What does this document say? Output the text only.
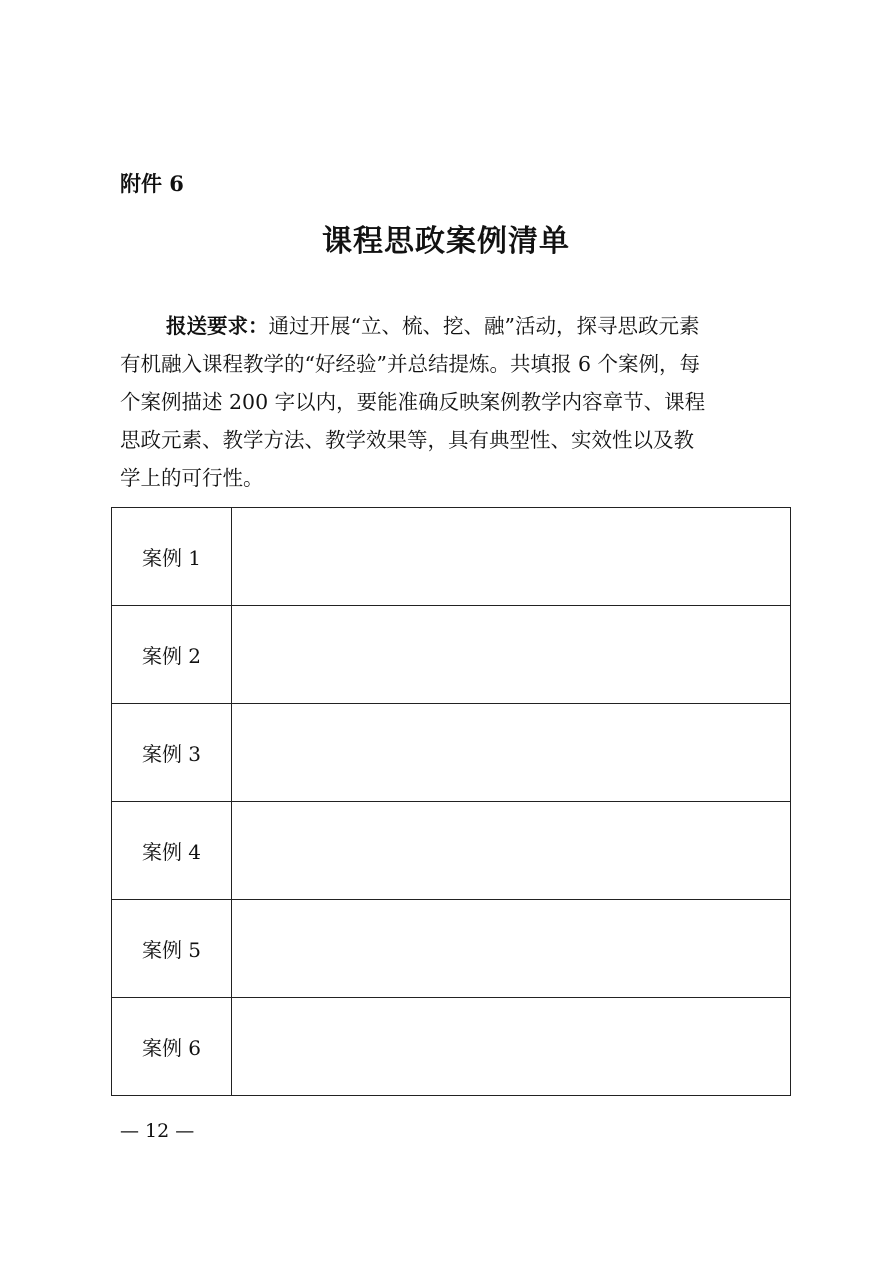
附件 6
课程思政案例清单
报送要求：通过开展“立、梳、挖、融”活动，探寻思政元素
有机融入课程教学的“好经验”并总结提炼。共填报 6 个案例，每
个案例描述 200 字以内，要能准确反映案例教学内容章节、课程
思政元素、教学方法、教学效果等，具有典型性、实效性以及教
学上的可行性。
案例 1	
案例 2	
案例 3	
案例 4	
案例 5	
案例 6	
— 12 —
